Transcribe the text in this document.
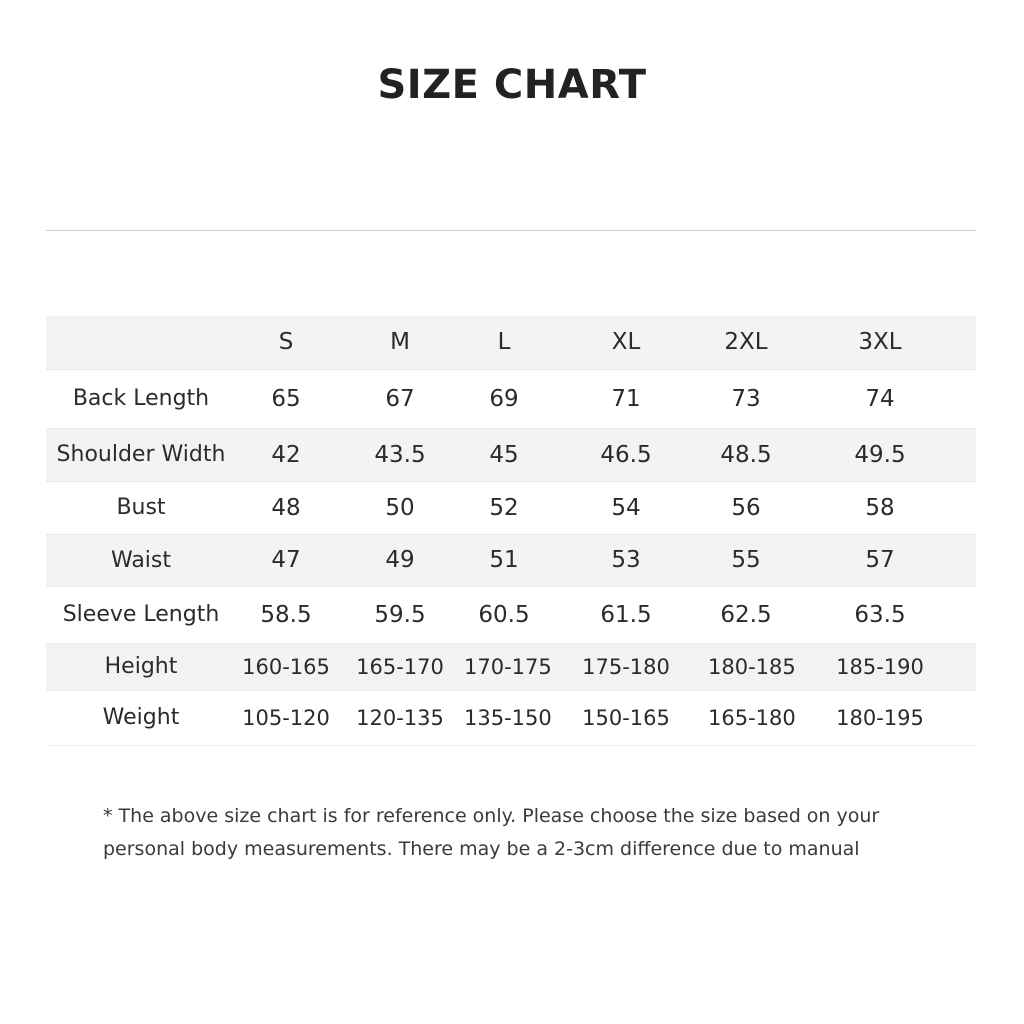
SIZE CHART
	S	M	L	XL	2XL	3XL
Back Length	65	67	69	71	73	74
Shoulder Width	42	43.5	45	46.5	48.5	49.5
Bust	48	50	52	54	56	58
Waist	47	49	51	53	55	57
Sleeve Length	58.5	59.5	60.5	61.5	62.5	63.5
Height	160-165	165-170	170-175	175-180	180-185	185-190
Weight	105-120	120-135	135-150	150-165	165-180	180-195

* The above size chart is for reference only. Please choose the size based on your
personal body measurements. There may be a 2-3cm difference due to manual
